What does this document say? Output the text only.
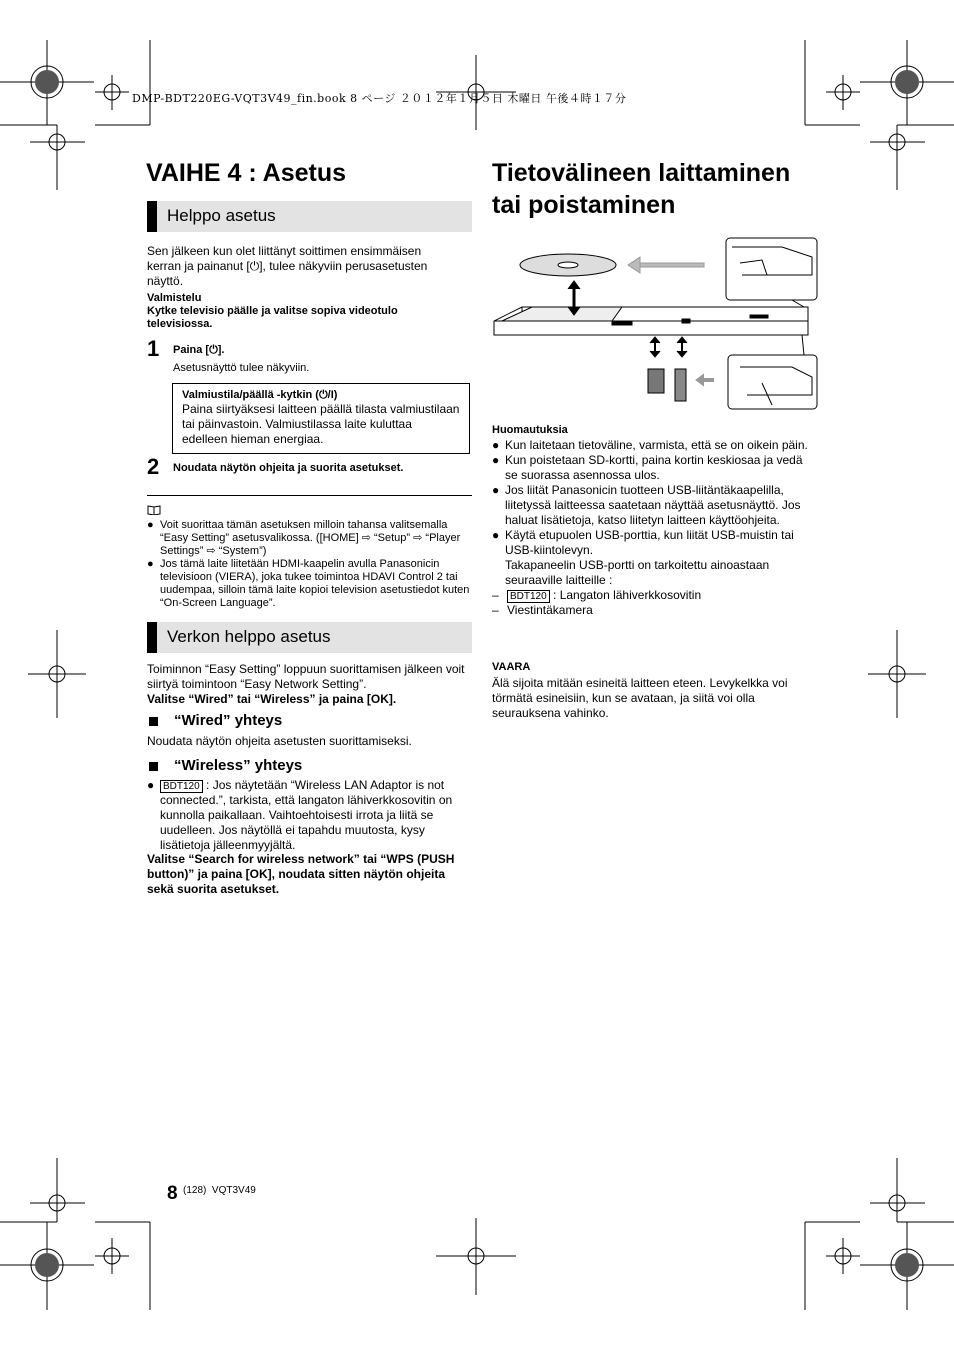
DMP-BDT220EG-VQT3V49_fin.book 8 ページ ２０１２年１月５日 木曜日 午後４時１７分
VAIHE 4 : Asetus
Helppo asetus
Sen jälkeen kun olet liittänyt soittimen ensimmäisen kerran ja painanut [⏻], tulee näkyviin perusasetusten näyttö.
Valmistelu
Kytke televisio päälle ja valitse sopiva videotulo televisiossa.
1 Paina [⏻].
Asetusnäyttö tulee näkyviin.
Valmiustila/päällä -kytkin (⏻/I)
Paina siirtyäksesi laitteen päällä tilasta valmiustilaan tai päinvastoin. Valmiustilassa laite kuluttaa edelleen hieman energiaa.
2 Noudata näytön ohjeita ja suorita asetukset.
● Voit suorittaa tämän asetuksen milloin tahansa valitsemalla “Easy Setting” asetusvalikossa. ([HOME] ⇨ “Setup” ⇨ “Player Settings” ⇨ “System”)
● Jos tämä laite liitetään HDMI-kaapelin avulla Panasonicin televisioon (VIERA), joka tukee toimintoa HDAVI Control 2 tai uudempaa, silloin tämä laite kopioi television asetustiedot kuten “On-Screen Language”.
Verkon helppo asetus
Toiminnon “Easy Setting” loppuun suorittamisen jälkeen voit siirtyä toimintoon “Easy Network Setting”.
Valitse “Wired” tai “Wireless” ja paina [OK].
“Wired” yhteys
Noudata näytön ohjeita asetusten suorittamiseksi.
“Wireless” yhteys
● BDT120 : Jos näytetään “Wireless LAN Adaptor is not connected.”, tarkista, että langaton lähiverkkosovitin on kunnolla paikallaan. Vaihtoehtoisesti irrota ja liitä se uudelleen. Jos näytöllä ei tapahdu muutosta, kysy lisätietoja jälleenmyyjältä.
Valitse “Search for wireless network” tai “WPS (PUSH button)” ja paina [OK], noudata sitten näytön ohjeita sekä suorita asetukset.
Tietovälineen laittaminen
tai poistaminen
Huomautuksia
● Kun laitetaan tietoväline, varmista, että se on oikein päin.
● Kun poistetaan SD-kortti, paina kortin keskiosaa ja vedä se suorassa asennossa ulos.
● Jos liität Panasonicin tuotteen USB-liitäntäkaapelilla, liitetyssä laitteessa saatetaan näyttää asetusnäyttö. Jos haluat lisätietoja, katso liitetyn laitteen käyttöohjeita.
● Käytä etupuolen USB-porttia, kun liität USB-muistin tai USB-kiintolevyn.
Takapaneelin USB-portti on tarkoitettu ainoastaan seuraaville laitteille :
– BDT120 : Langaton lähiverkkosovitin
– Viestintäkamera
VAARA
Älä sijoita mitään esineitä laitteen eteen. Levykelkka voi törmätä esineisiin, kun se avataan, ja siitä voi olla seurauksena vahinko.
8 (128)  VQT3V49
